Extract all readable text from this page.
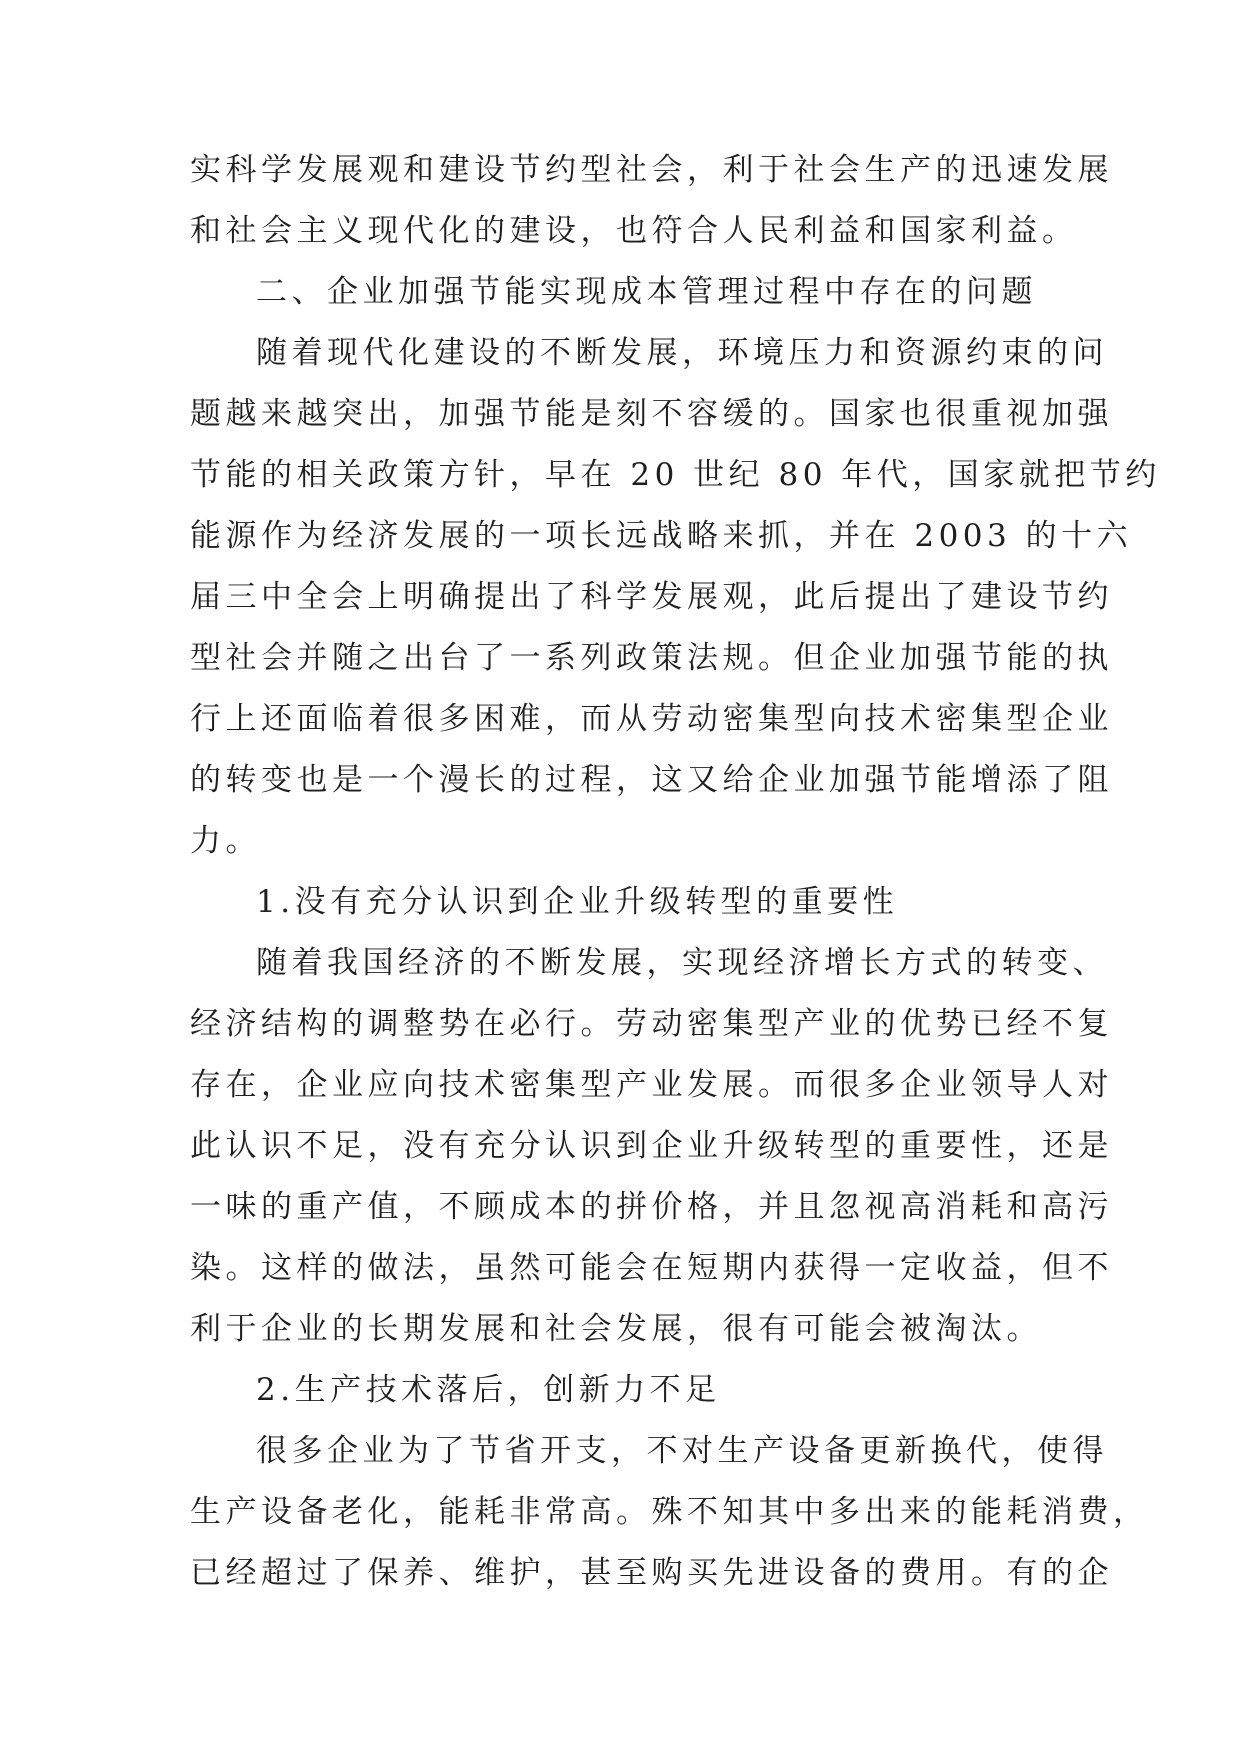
实科学发展观和建设节约型社会，利于社会生产的迅速发展
和社会主义现代化的建设，也符合人民利益和国家利益。
二、企业加强节能实现成本管理过程中存在的问题
随着现代化建设的不断发展，环境压力和资源约束的问
题越来越突出，加强节能是刻不容缓的。国家也很重视加强
节能的相关政策方针，早在 20 世纪 80 年代，国家就把节约
能源作为经济发展的一项长远战略来抓，并在 2003 的十六
届三中全会上明确提出了科学发展观，此后提出了建设节约
型社会并随之出台了一系列政策法规。但企业加强节能的执
行上还面临着很多困难，而从劳动密集型向技术密集型企业
的转变也是一个漫长的过程，这又给企业加强节能增添了阻
力。
1.没有充分认识到企业升级转型的重要性
随着我国经济的不断发展，实现经济增长方式的转变、
经济结构的调整势在必行。劳动密集型产业的优势已经不复
存在，企业应向技术密集型产业发展。而很多企业领导人对
此认识不足，没有充分认识到企业升级转型的重要性，还是
一味的重产值，不顾成本的拼价格，并且忽视高消耗和高污
染。这样的做法，虽然可能会在短期内获得一定收益，但不
利于企业的长期发展和社会发展，很有可能会被淘汰。
2.生产技术落后，创新力不足
很多企业为了节省开支，不对生产设备更新换代，使得
生产设备老化，能耗非常高。殊不知其中多出来的能耗消费，
已经超过了保养、维护，甚至购买先进设备的费用。有的企
